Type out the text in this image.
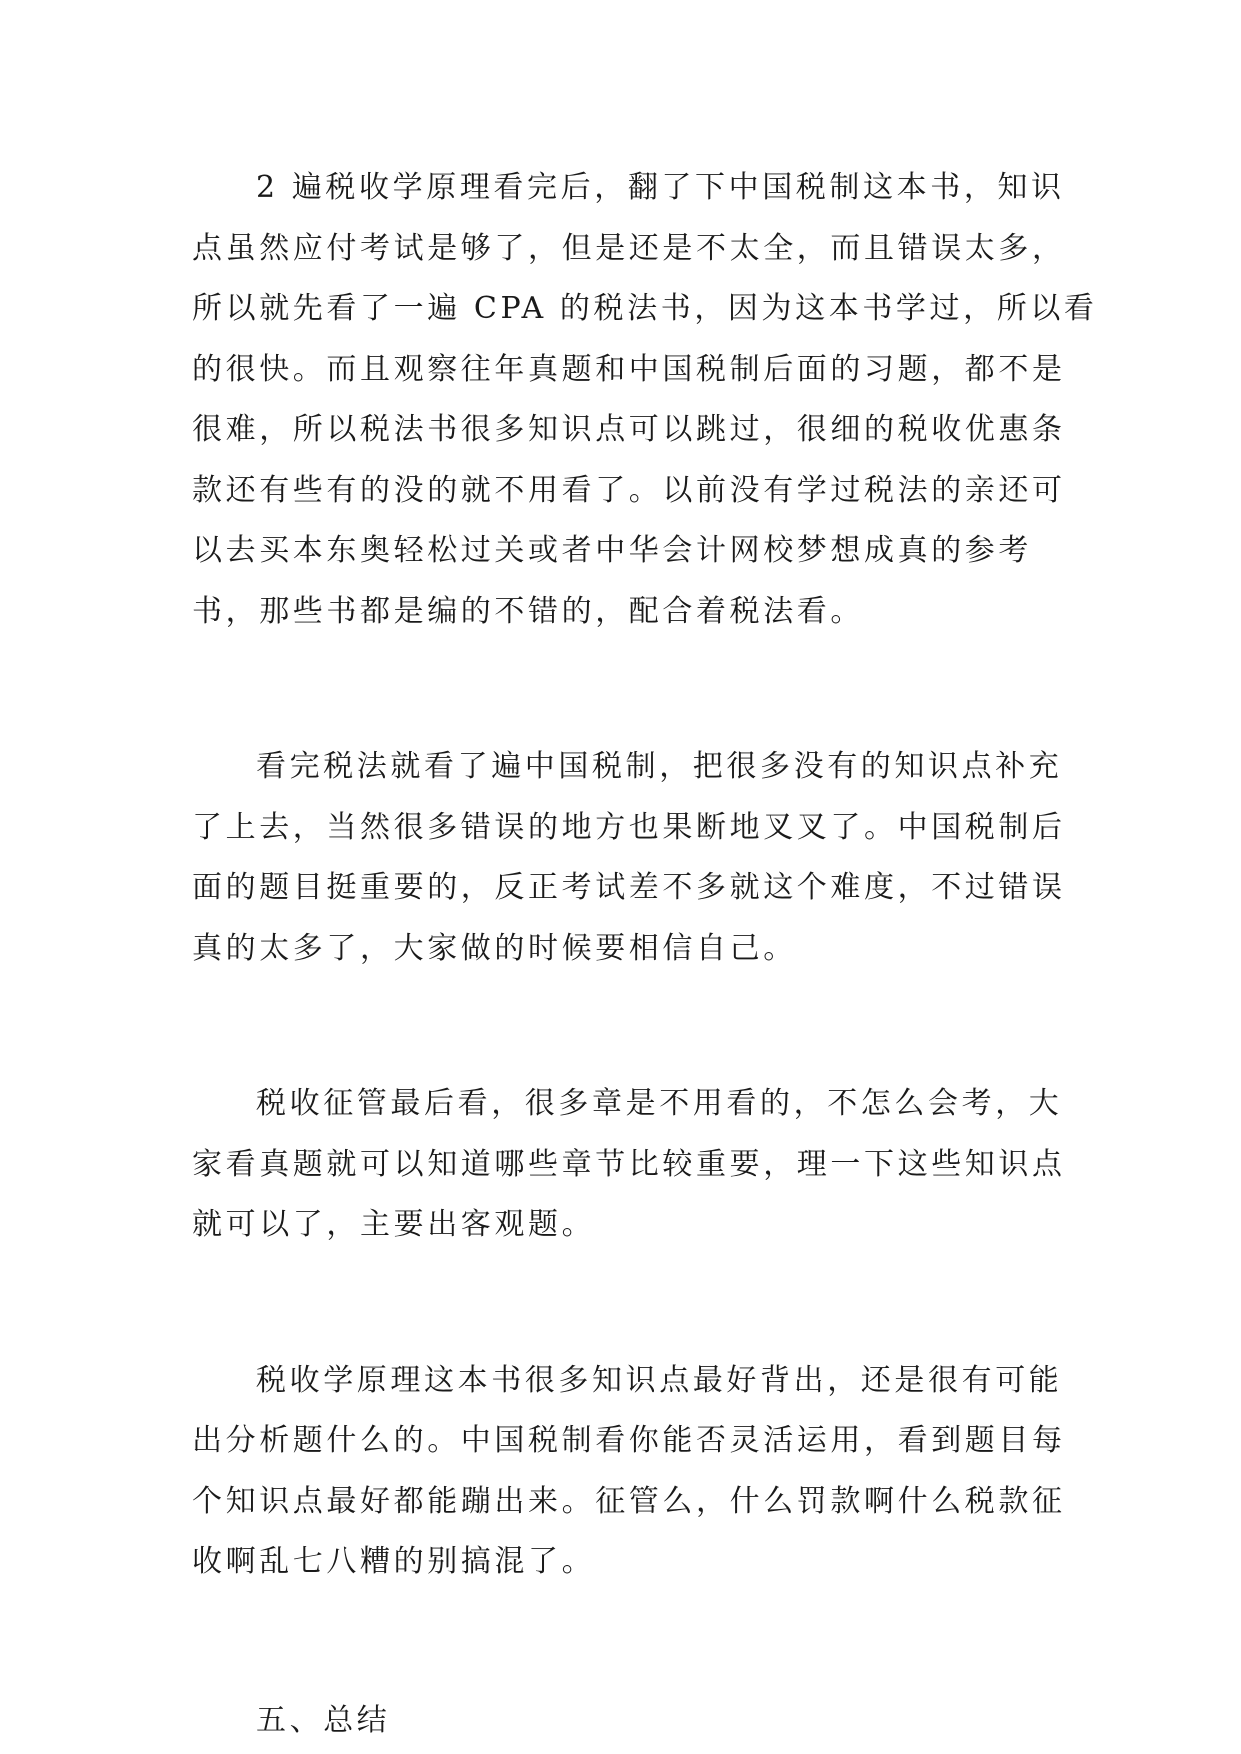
2 遍税收学原理看完后，翻了下中国税制这本书，知识
点虽然应付考试是够了，但是还是不太全，而且错误太多，
所以就先看了一遍 CPA 的税法书，因为这本书学过，所以看
的很快。而且观察往年真题和中国税制后面的习题，都不是
很难，所以税法书很多知识点可以跳过，很细的税收优惠条
款还有些有的没的就不用看了。以前没有学过税法的亲还可
以去买本东奥轻松过关或者中华会计网校梦想成真的参考
书，那些书都是编的不错的，配合着税法看。

看完税法就看了遍中国税制，把很多没有的知识点补充
了上去，当然很多错误的地方也果断地叉叉了。中国税制后
面的题目挺重要的，反正考试差不多就这个难度，不过错误
真的太多了，大家做的时候要相信自己。

税收征管最后看，很多章是不用看的，不怎么会考，大
家看真题就可以知道哪些章节比较重要，理一下这些知识点
就可以了，主要出客观题。

税收学原理这本书很多知识点最好背出，还是很有可能
出分析题什么的。中国税制看你能否灵活运用，看到题目每
个知识点最好都能蹦出来。征管么，什么罚款啊什么税款征
收啊乱七八糟的别搞混了。

五、总结
